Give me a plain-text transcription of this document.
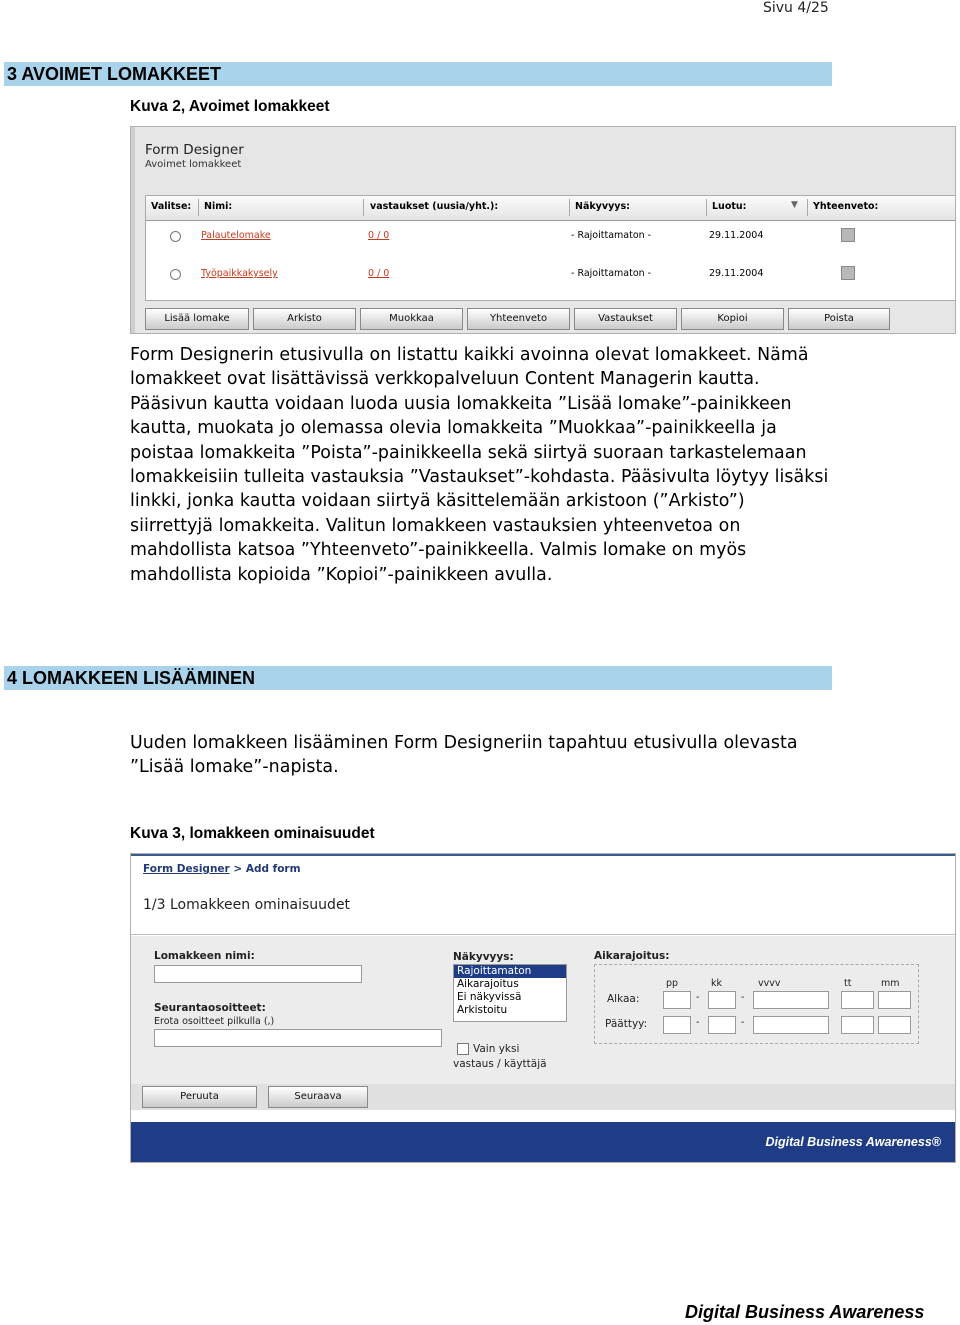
Sivu 4/25
3 AVOIMET LOMAKKEET
Kuva 2, Avoimet lomakkeet
Form Designer
Avoimet lomakkeet
Valitse: Nimi:	vastaukset (uusia/yht.):	Näkyvyys:	Luotu:	▼ Yhteenveto:
Palautelomake	0 / 0	- Rajoittamaton -	29.11.2004
Työpaikkakysely	0 / 0	- Rajoittamaton -	29.11.2004
Lisää lomake	Arkisto	Muokkaa	Yhteenveto	Vastaukset	Kopioi	Poista

Form Designerin etusivulla on listattu kaikki avoinna olevat lomakkeet. Nämä lomakkeet ovat lisättävissä verkkopalveluun Content Managerin kautta. Pääsivun kautta voidaan luoda uusia lomakkeita ”Lisää lomake”-painikkeen kautta, muokata jo olemassa olevia lomakkeita ”Muokkaa”-painikkeella ja poistaa lomakkeita ”Poista”-painikkeella sekä siirtyä suoraan tarkastelemaan lomakkeisiin tulleita vastauksia ”Vastaukset”-kohdasta. Pääsivulta löytyy lisäksi linkki, jonka kautta voidaan siirtyä käsittelemään arkistoon (”Arkisto”) siirrettyjä lomakkeita. Valitun lomakkeen vastauksien yhteenvetoa on mahdollista katsoa ”Yhteenveto”-painikkeella. Valmis lomake on myös mahdollista kopioida ”Kopioi”-painikkeen avulla.

4 LOMAKKEEN LISÄÄMINEN

Uuden lomakkeen lisääminen Form Designeriin tapahtuu etusivulla olevasta ”Lisää lomake”-napista.

Kuva 3, lomakkeen ominaisuudet
Form Designer > Add form
1/3 Lomakkeen ominaisuudet
Lomakkeen nimi:
Seurantaosoitteet:
Erota osoitteet pilkulla (,)
Näkyvyys:
Rajoittamaton
Aikarajoitus
Ei näkyvissä
Arkistoitu
Vain yksi
vastaus / käyttäjä
Aikarajoitus:
pp	kk	vvvv	tt	mm
Alkaa:	-	-
Päättyy:	-	-
Peruuta	Seuraava
Digital Business Awareness®
Digital Business Awareness
